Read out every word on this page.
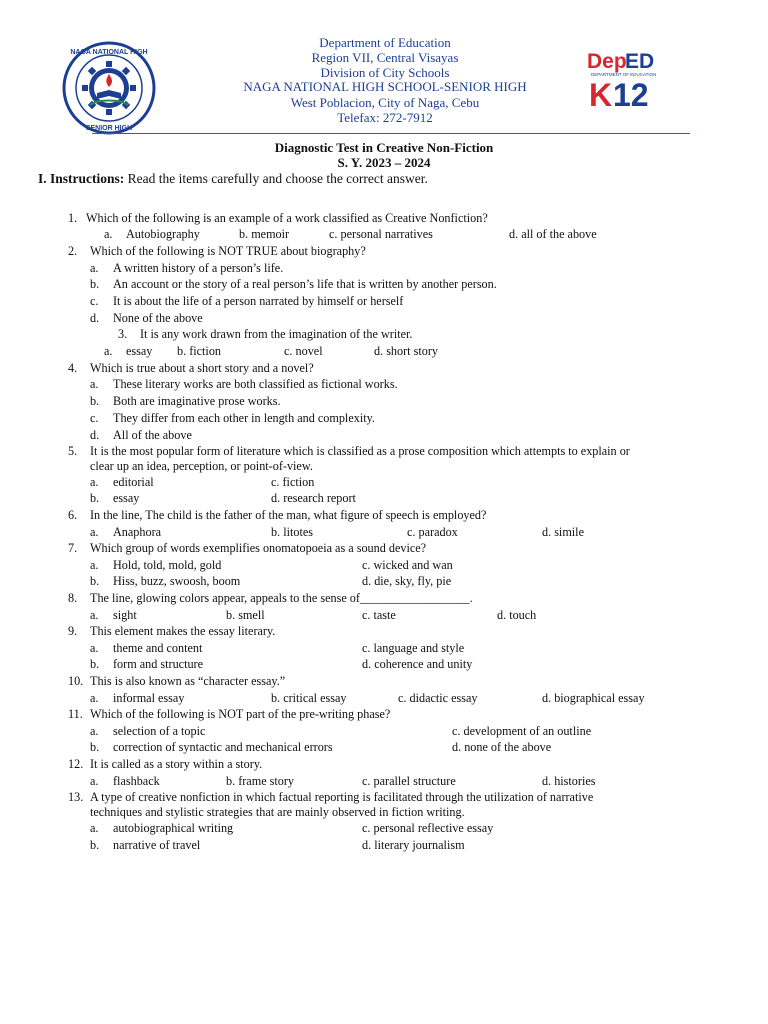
NAGA NATIONAL HIGH
SENIOR HIGH
Dep
ED
DEPARTMENT OF EDUCATION
K 12
Department of Education
Region VII, Central Visayas
Division of City Schools
NAGA NATIONAL HIGH SCHOOL-SENIOR HIGH
West Poblacion, City of Naga, Cebu
Telefax: 272-7912
Diagnostic Test in Creative Non-Fiction
S. Y. 2023 – 2024
I. Instructions: Read the items carefully and choose the correct answer.
1. Which of the following is an example of a work classified as Creative Nonfiction?
a. Autobiography	b. memoir	c. personal narratives	d. all of the above
2. Which of the following is NOT TRUE about biography?
a. A written history of a person’s life.
b. An account or the story of a real person’s life that is written by another person.
c. It is about the life of a person narrated by himself or herself
d. None of the above
3. It is any work drawn from the imagination of the writer.
a. essay b. fiction	c. novel	d. short story
4. Which is true about a short story and a novel?
a. These literary works are both classified as fictional works.
b. Both are imaginative prose works.
c. They differ from each other in length and complexity.
d. All of the above
5. It is the most popular form of literature which is classified as a prose composition which attempts to explain or
clear up an idea, perception, or point-of-view.
a. editorial	c. fiction
b. essay	d. research report
6. In the line, The child is the father of the man, what figure of speech is employed?
a. Anaphora	b. litotes	c. paradox	d. simile
7. Which group of words exemplifies onomatopoeia as a sound device?
a. Hold, told, mold, gold	c. wicked and wan
b. Hiss, buzz, swoosh, boom	d. die, sky, fly, pie
8. The line, glowing colors appear, appeals to the sense of__________________.
a. sight	b. smell	c. taste	d. touch
9. This element makes the essay literary.
a. theme and content	c. language and style
b. form and structure	d. coherence and unity
10. This is also known as “character essay.”
a. informal essay	b. critical essay	c. didactic essay	d. biographical essay
11. Which of the following is NOT part of the pre-writing phase?
a. selection of a topic	c. development of an outline
b. correction of syntactic and mechanical errors	d. none of the above
12. It is called as a story within a story.
a. flashback	b. frame story	c. parallel structure	d. histories
13. A type of creative nonfiction in which factual reporting is facilitated through the utilization of narrative
techniques and stylistic strategies that are mainly observed in fiction writing.
a. autobiographical writing	c. personal reflective essay
b. narrative of travel	d. literary journalism
